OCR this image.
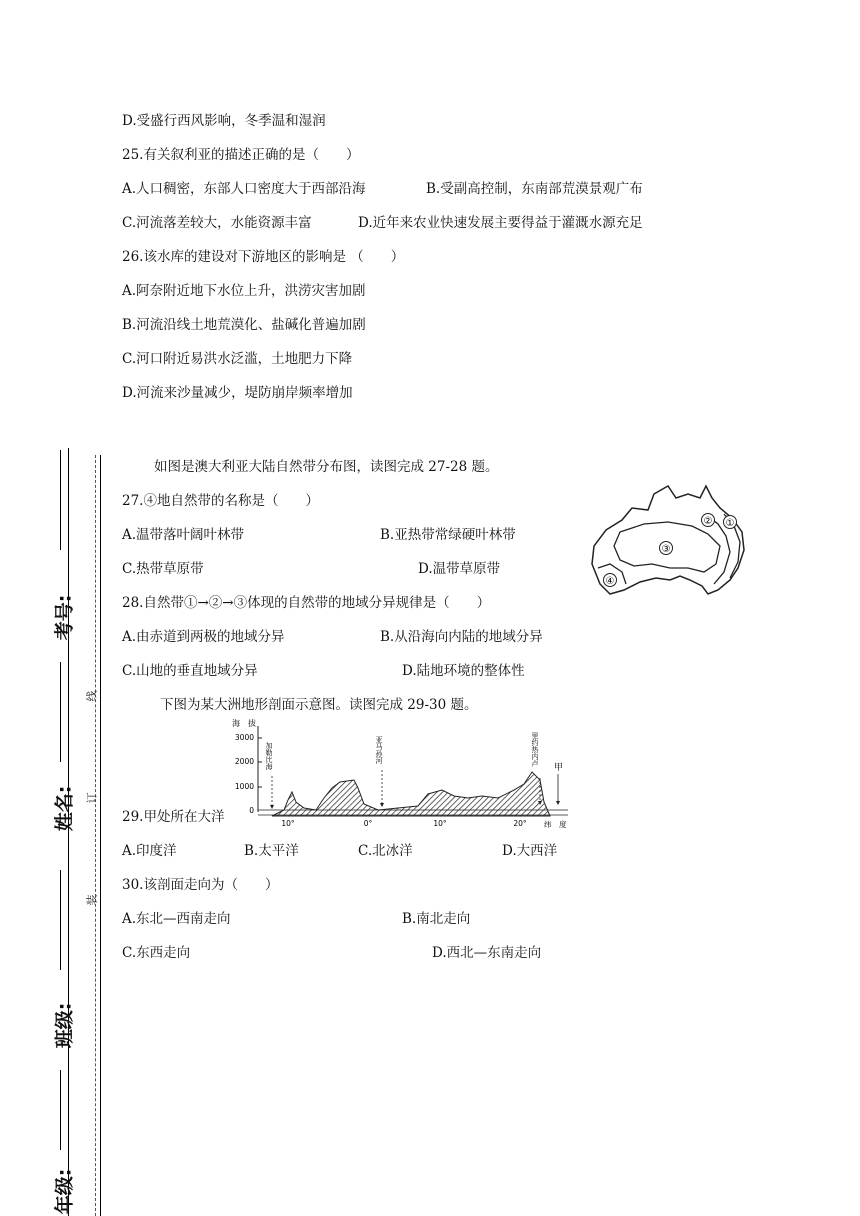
D.受盛行西风影响，冬季温和湿润
25.有关叙利亚的描述正确的是（　　）
A.人口稠密，东部人口密度大于西部沿海	B.受副高控制，东南部荒漠景观广布
C.河流落差较大，水能资源丰富	D.近年来农业快速发展主要得益于灌溉水源充足
26.该水库的建设对下游地区的影响是 （　　）
A.阿奈附近地下水位上升，洪涝灾害加剧
B.河流沿线土地荒漠化、盐碱化普遍加剧
C.河口附近易洪水泛滥，土地肥力下降
D.河流来沙量减少，堤防崩岸频率增加
如图是澳大利亚大陆自然带分布图，读图完成 27-28 题。
27.④地自然带的名称是（　　）
A.温带落叶阔叶林带	B.亚热带常绿硬叶林带
C.热带草原带	D.温带草原带
28.自然带①→②→③体现的自然带的地域分异规律是（　　）
A.由赤道到两极的地域分异	B.从沿海向内陆的地域分异
C.山地的垂直地域分异	D.陆地环境的整体性
下图为某大洲地形剖面示意图。读图完成 29-30 题。
29.甲处所在大洋
A.印度洋	B.太平洋	C.北冰洋	D.大西洋
30.该剖面走向为（　　）
A.东北—西南走向	B.南北走向
C.东西走向	D.西北—东南走向
①
②
③
④
海　拔
3000
2000
1000
0
10°	0°	10°	20° 纬　度
加勒比海	亚马孙河	里约热内卢
甲
考号:
姓名:
班级:
年级:
线
订
装
